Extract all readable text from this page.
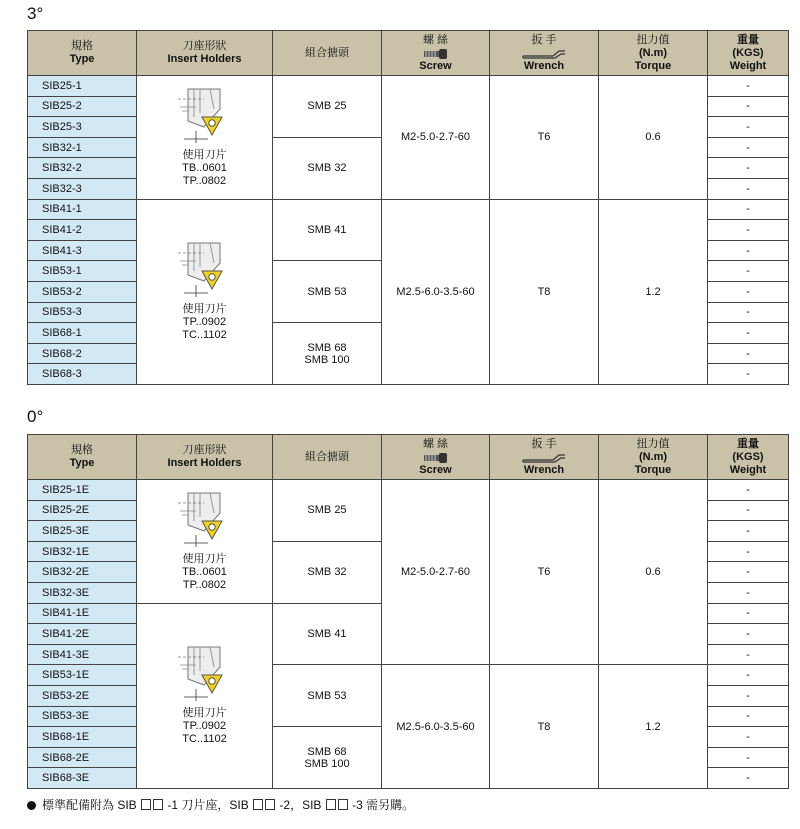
3°
規格
Type	刀座形狀
Insert Holders	組合搪頭	螺 絲
Screw	扳 手
Wrench	扭力值
(N.m)
Torque	重量
(KGS)
Weight
SIB25-1	使用刀片
TB..0601
TP..0802	SMB 25	M2-5.0-2.7-60	T6	0.6	-
SIB25-2						-
SIB25-3						-
SIB32-1		SMB 32				-
SIB32-2						-
SIB32-3						-
SIB41-1	使用刀片
TP..0902
TC..1102	SMB 41	M2.5-6.0-3.5-60	T8	1.2	-
SIB41-2						-
SIB41-3						-
SIB53-1		SMB 53				-
SIB53-2						-
SIB53-3						-
SIB68-1		SMB 68
SMB 100				-
SIB68-2						-
SIB68-3						-
0°
規格
Type	刀座形狀
Insert Holders	組合搪頭	螺 絲
Screw	扳 手
Wrench	扭力值
(N.m)
Torque	重量
(KGS)
Weight
SIB25-1E	使用刀片
TB..0601
TP..0802	SMB 25	M2-5.0-2.7-60	T6	0.6	-
SIB25-2E						-
SIB25-3E						-
SIB32-1E		SMB 32				-
SIB32-2E						-
SIB32-3E						-
SIB41-1E	使用刀片
TP..0902
TC..1102	SMB 41				-
SIB41-2E						-
SIB41-3E						-
SIB53-1E		SMB 53	M2.5-6.0-3.5-60	T8	1.2	-
SIB53-2E						-
SIB53-3E						-
SIB68-1E		SMB 68
SMB 100				-
SIB68-2E						-
SIB68-3E						-
標準配備附為 SIB	-1 刀片座，SIB	-2，SIB	-3 需另購。
